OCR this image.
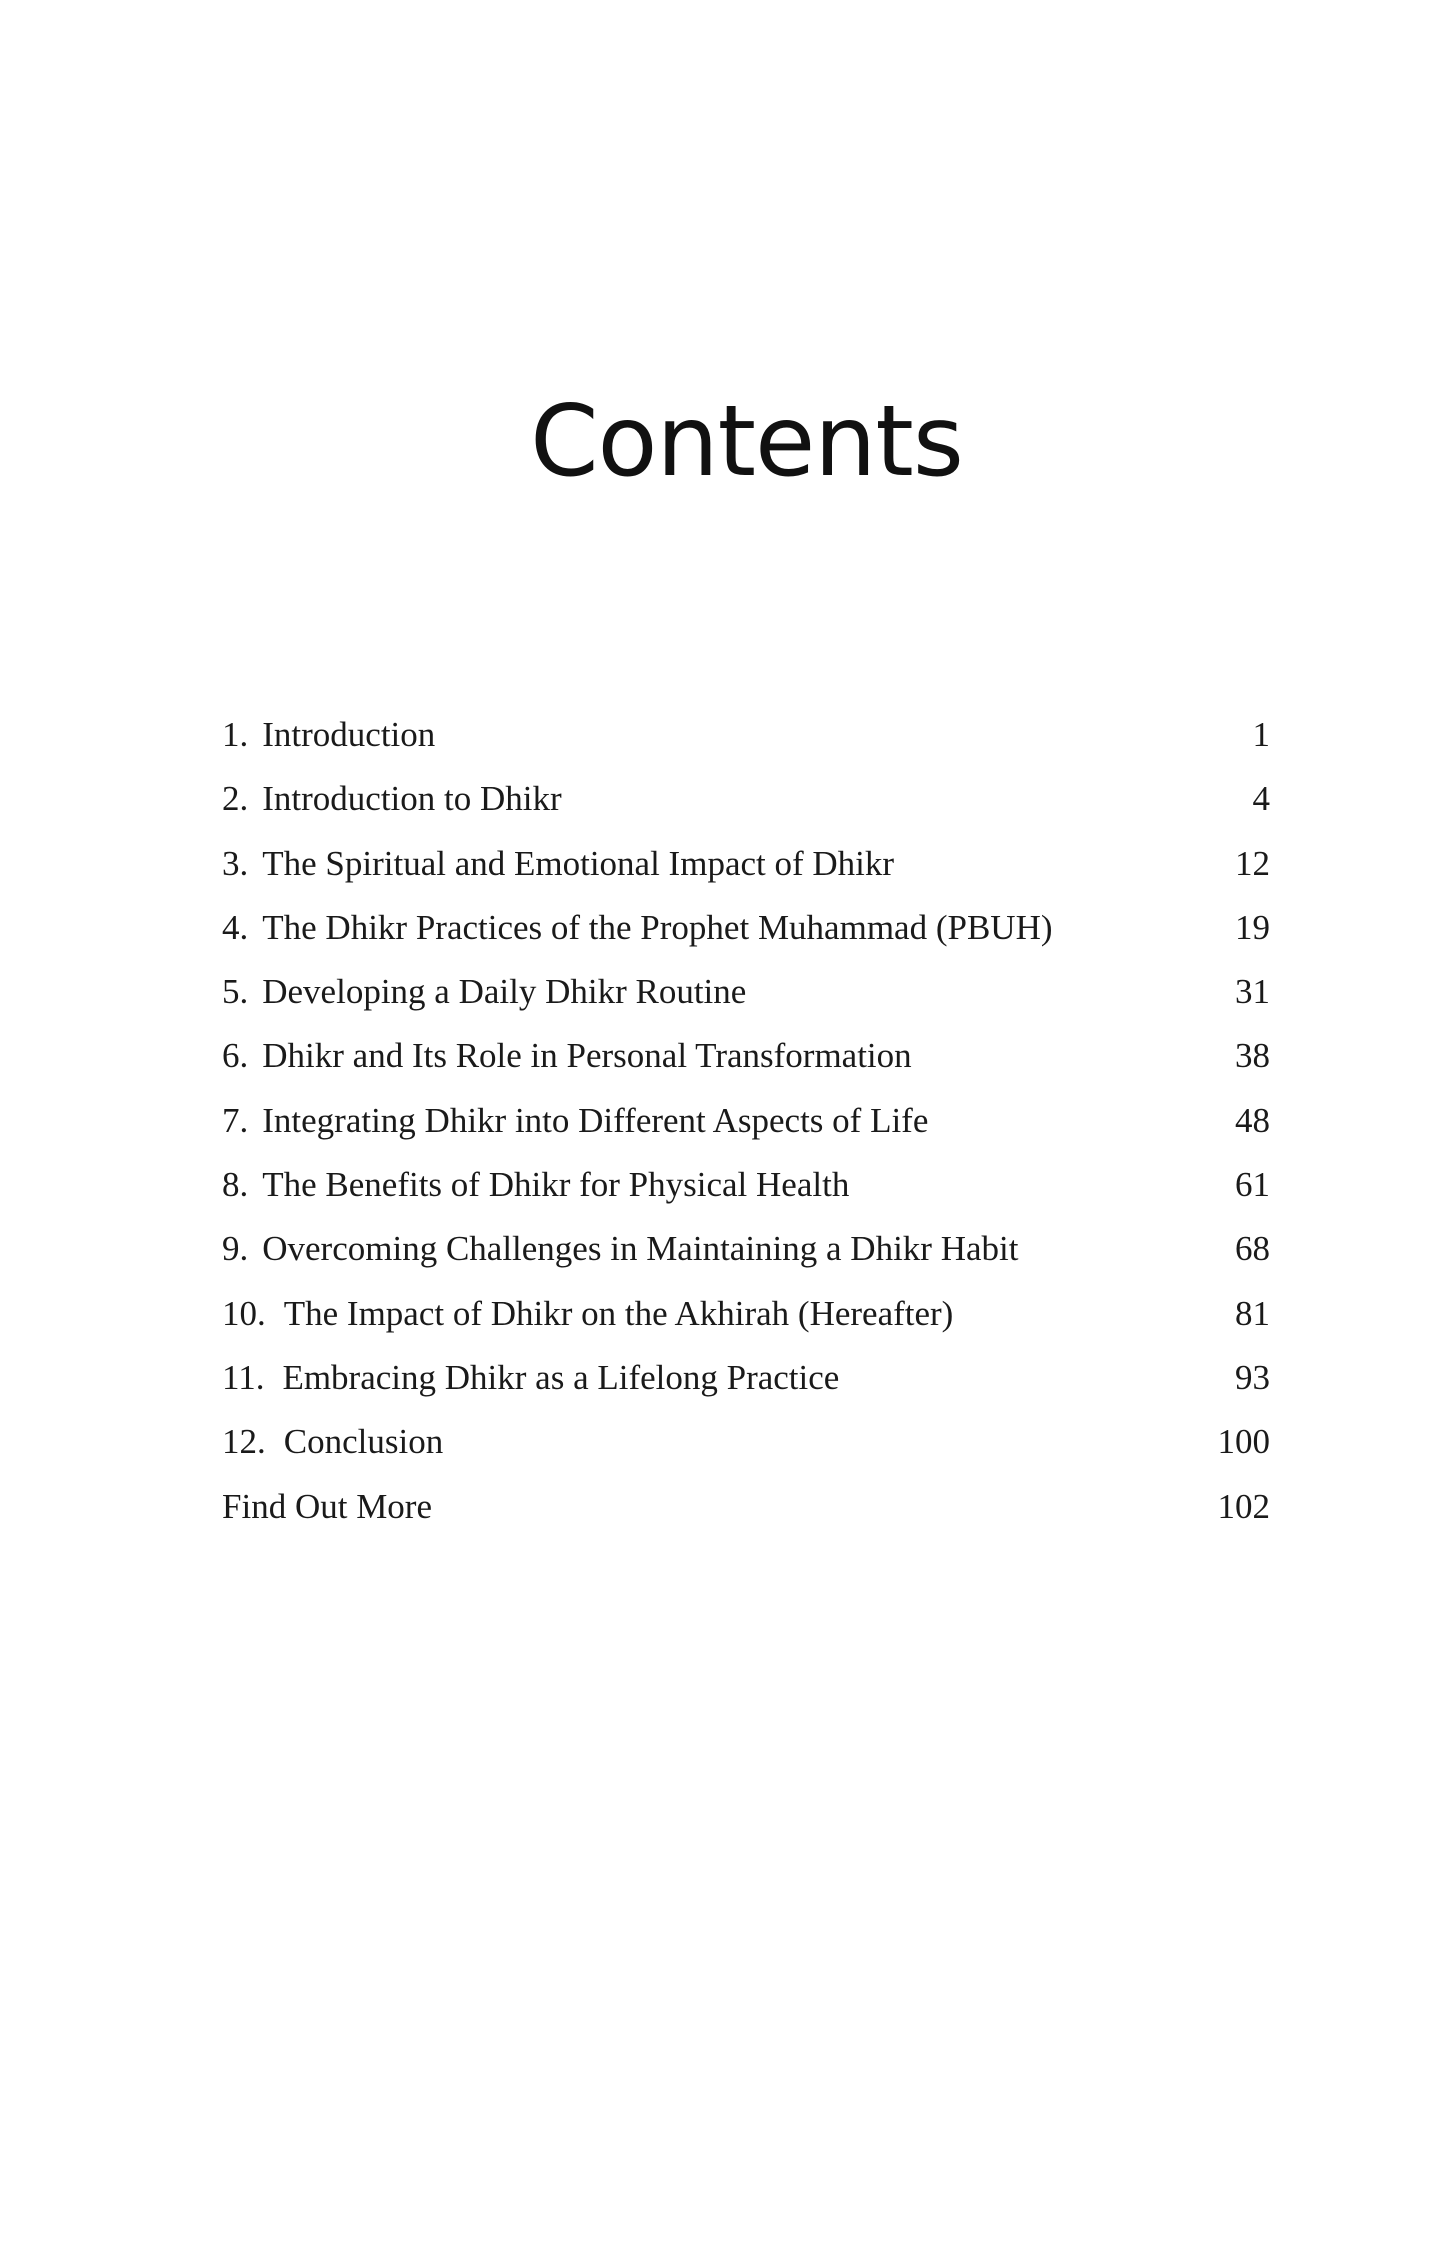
Contents
1. Introduction	1
2. Introduction to Dhikr	4
3. The Spiritual and Emotional Impact of Dhikr	12
4. The Dhikr Practices of the Prophet Muhammad (PBUH)	19
5. Developing a Daily Dhikr Routine	31
6. Dhikr and Its Role in Personal Transformation	38
7. Integrating Dhikr into Different Aspects of Life	48
8. The Benefits of Dhikr for Physical Health	61
9. Overcoming Challenges in Maintaining a Dhikr Habit	68
10. The Impact of Dhikr on the Akhirah (Hereafter)	81
11. Embracing Dhikr as a Lifelong Practice	93
12. Conclusion	100
Find Out More	102
